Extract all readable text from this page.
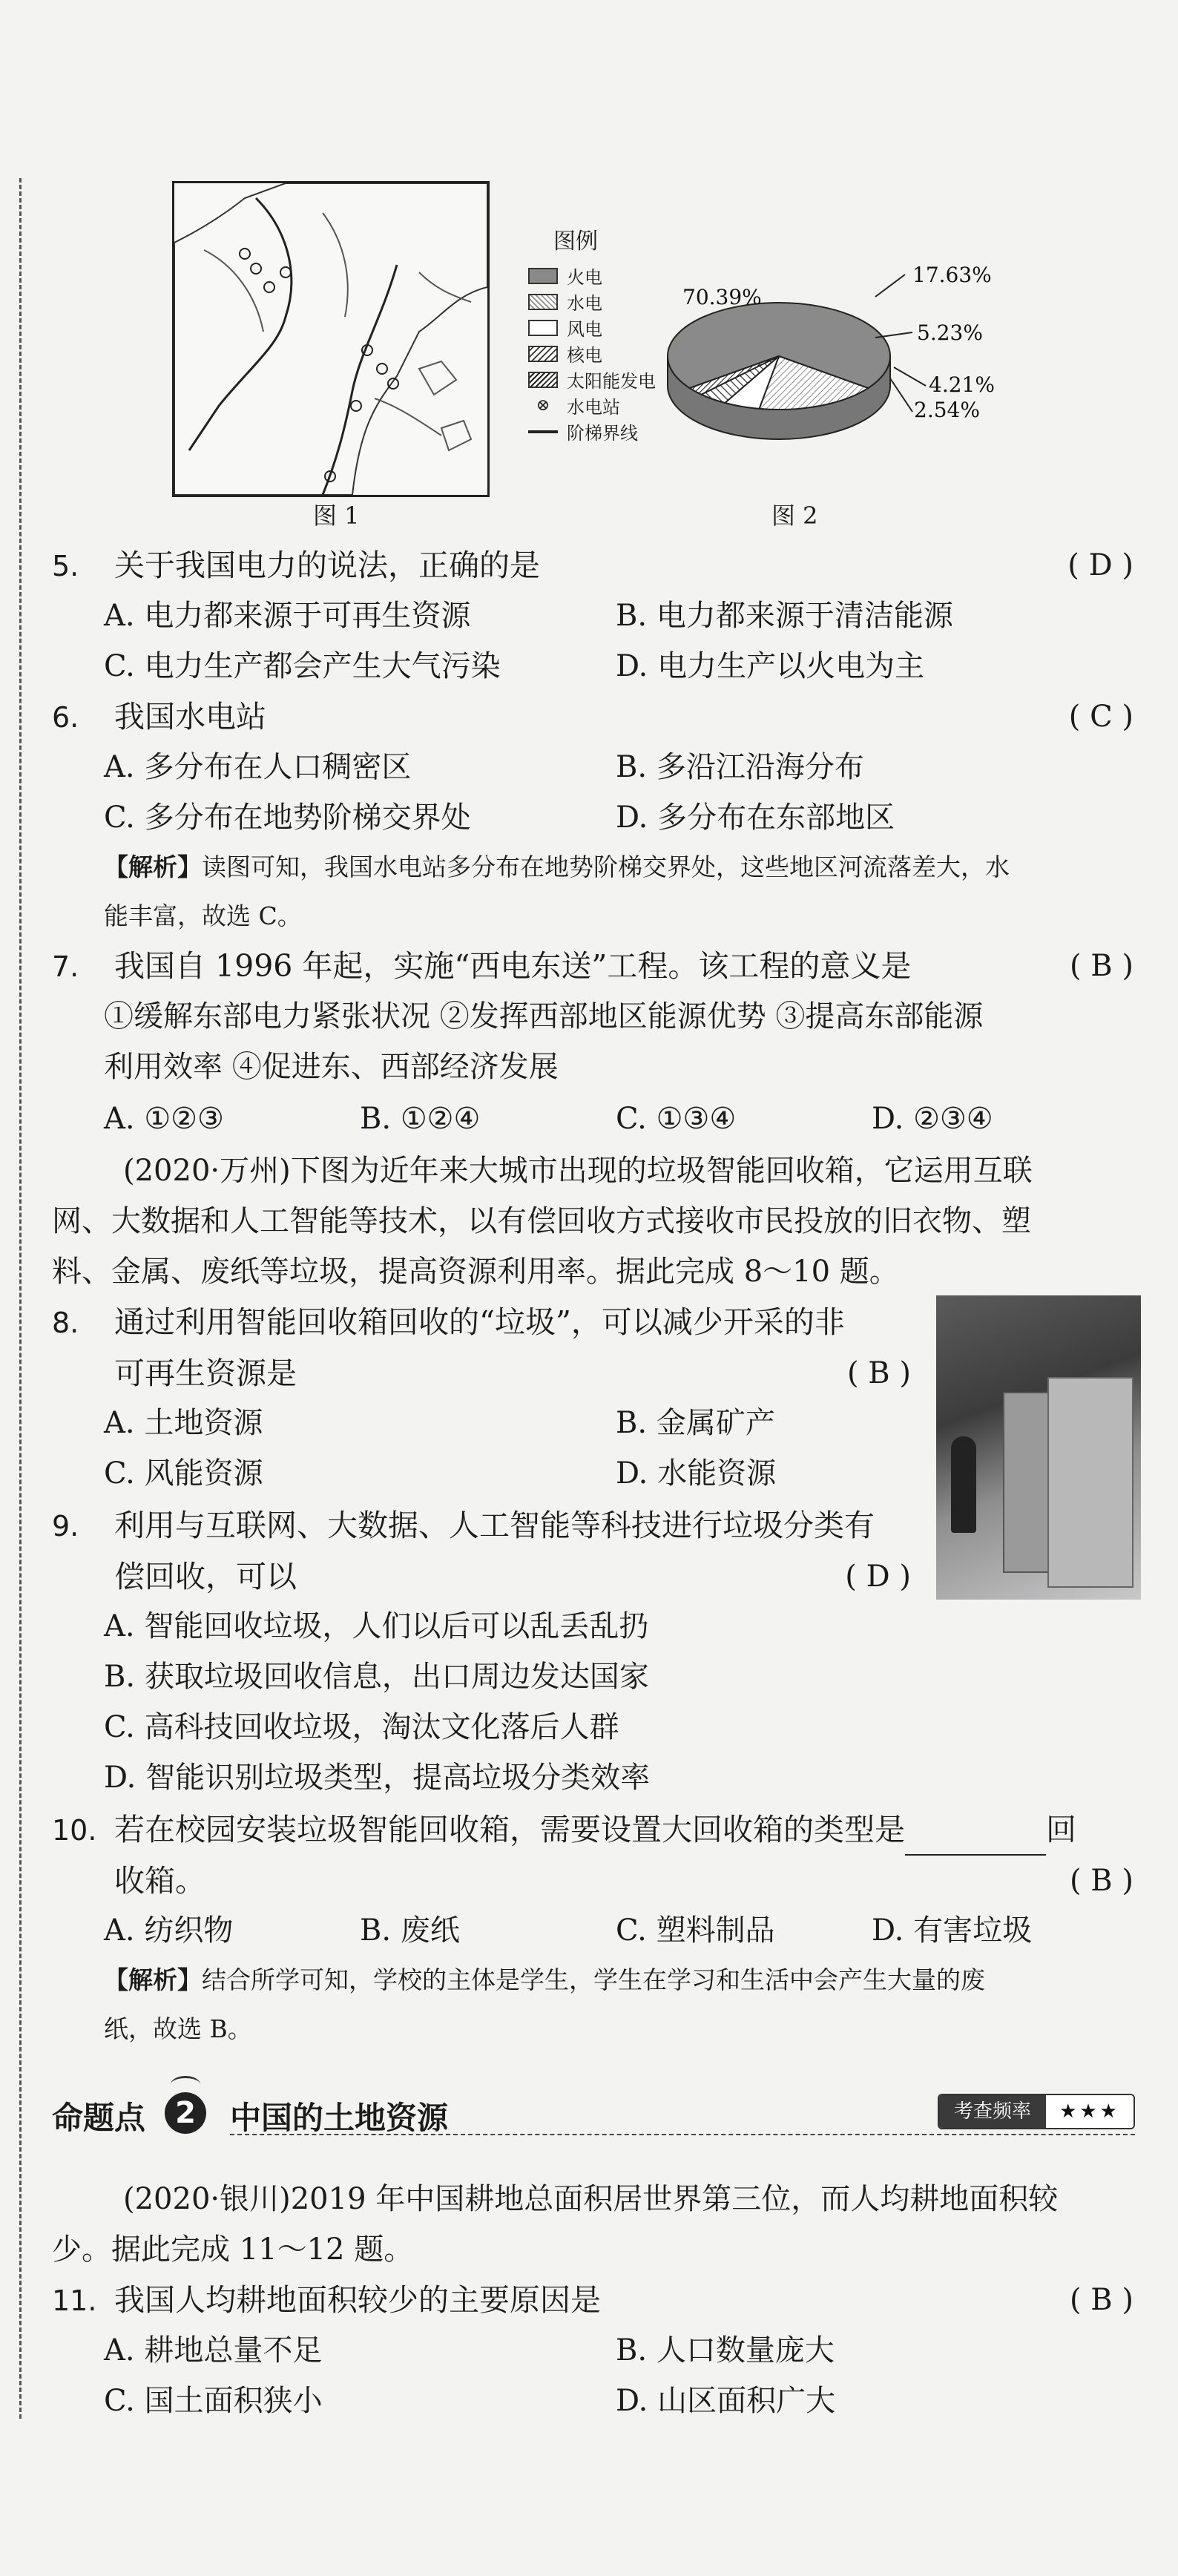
图 1
图例
火电
水电
风电
核电
太阳能发电
⊗ 水电站
阶梯界线
70.39%
17.63%
5.23%
4.21%
2.54%
图 2
5. 关于我国电力的说法，正确的是	( D )
A. 电力都来源于可再生资源	B. 电力都来源于清洁能源
C. 电力生产都会产生大气污染	D. 电力生产以火电为主
6. 我国水电站	( C )
A. 多分布在人口稠密区	B. 多沿江沿海分布
C. 多分布在地势阶梯交界处	D. 多分布在东部地区
【解析】读图可知，我国水电站多分布在地势阶梯交界处，这些地区河流落差大，水
能丰富，故选 C。
7. 我国自 1996 年起，实施“西电东送”工程。该工程的意义是	( B )
①缓解东部电力紧张状况 ②发挥西部地区能源优势 ③提高东部能源
利用效率 ④促进东、西部经济发展
A. ①②③	B. ①②④	C. ①③④	D. ②③④
(2020·万州)下图为近年来大城市出现的垃圾智能回收箱，它运用互联
网、大数据和人工智能等技术，以有偿回收方式接收市民投放的旧衣物、塑
料、金属、废纸等垃圾，提高资源利用率。据此完成 8～10 题。
8. 通过利用智能回收箱回收的“垃圾”，可以减少开采的非
可再生资源是	( B )
A. 土地资源	B. 金属矿产
C. 风能资源	D. 水能资源
9. 利用与互联网、大数据、人工智能等科技进行垃圾分类有
偿回收，可以	( D )
A. 智能回收垃圾，人们以后可以乱丢乱扔
B. 获取垃圾回收信息，出口周边发达国家
C. 高科技回收垃圾，淘汰文化落后人群
D. 智能识别垃圾类型，提高垃圾分类效率
10. 若在校园安装垃圾智能回收箱，需要设置大回收箱的类型是	回
收箱。	( B )
A. 纺织物	B. 废纸	C. 塑料制品	D. 有害垃圾
【解析】结合所学可知，学校的主体是学生，学生在学习和生活中会产生大量的废
纸，故选 B。
命题点	2	中国的土地资源	考查频率	★★★
(2020·银川)2019 年中国耕地总面积居世界第三位，而人均耕地面积较
少。据此完成 11～12 题。
11. 我国人均耕地面积较少的主要原因是	( B )
A. 耕地总量不足	B. 人口数量庞大
C. 国土面积狭小	D. 山区面积广大
